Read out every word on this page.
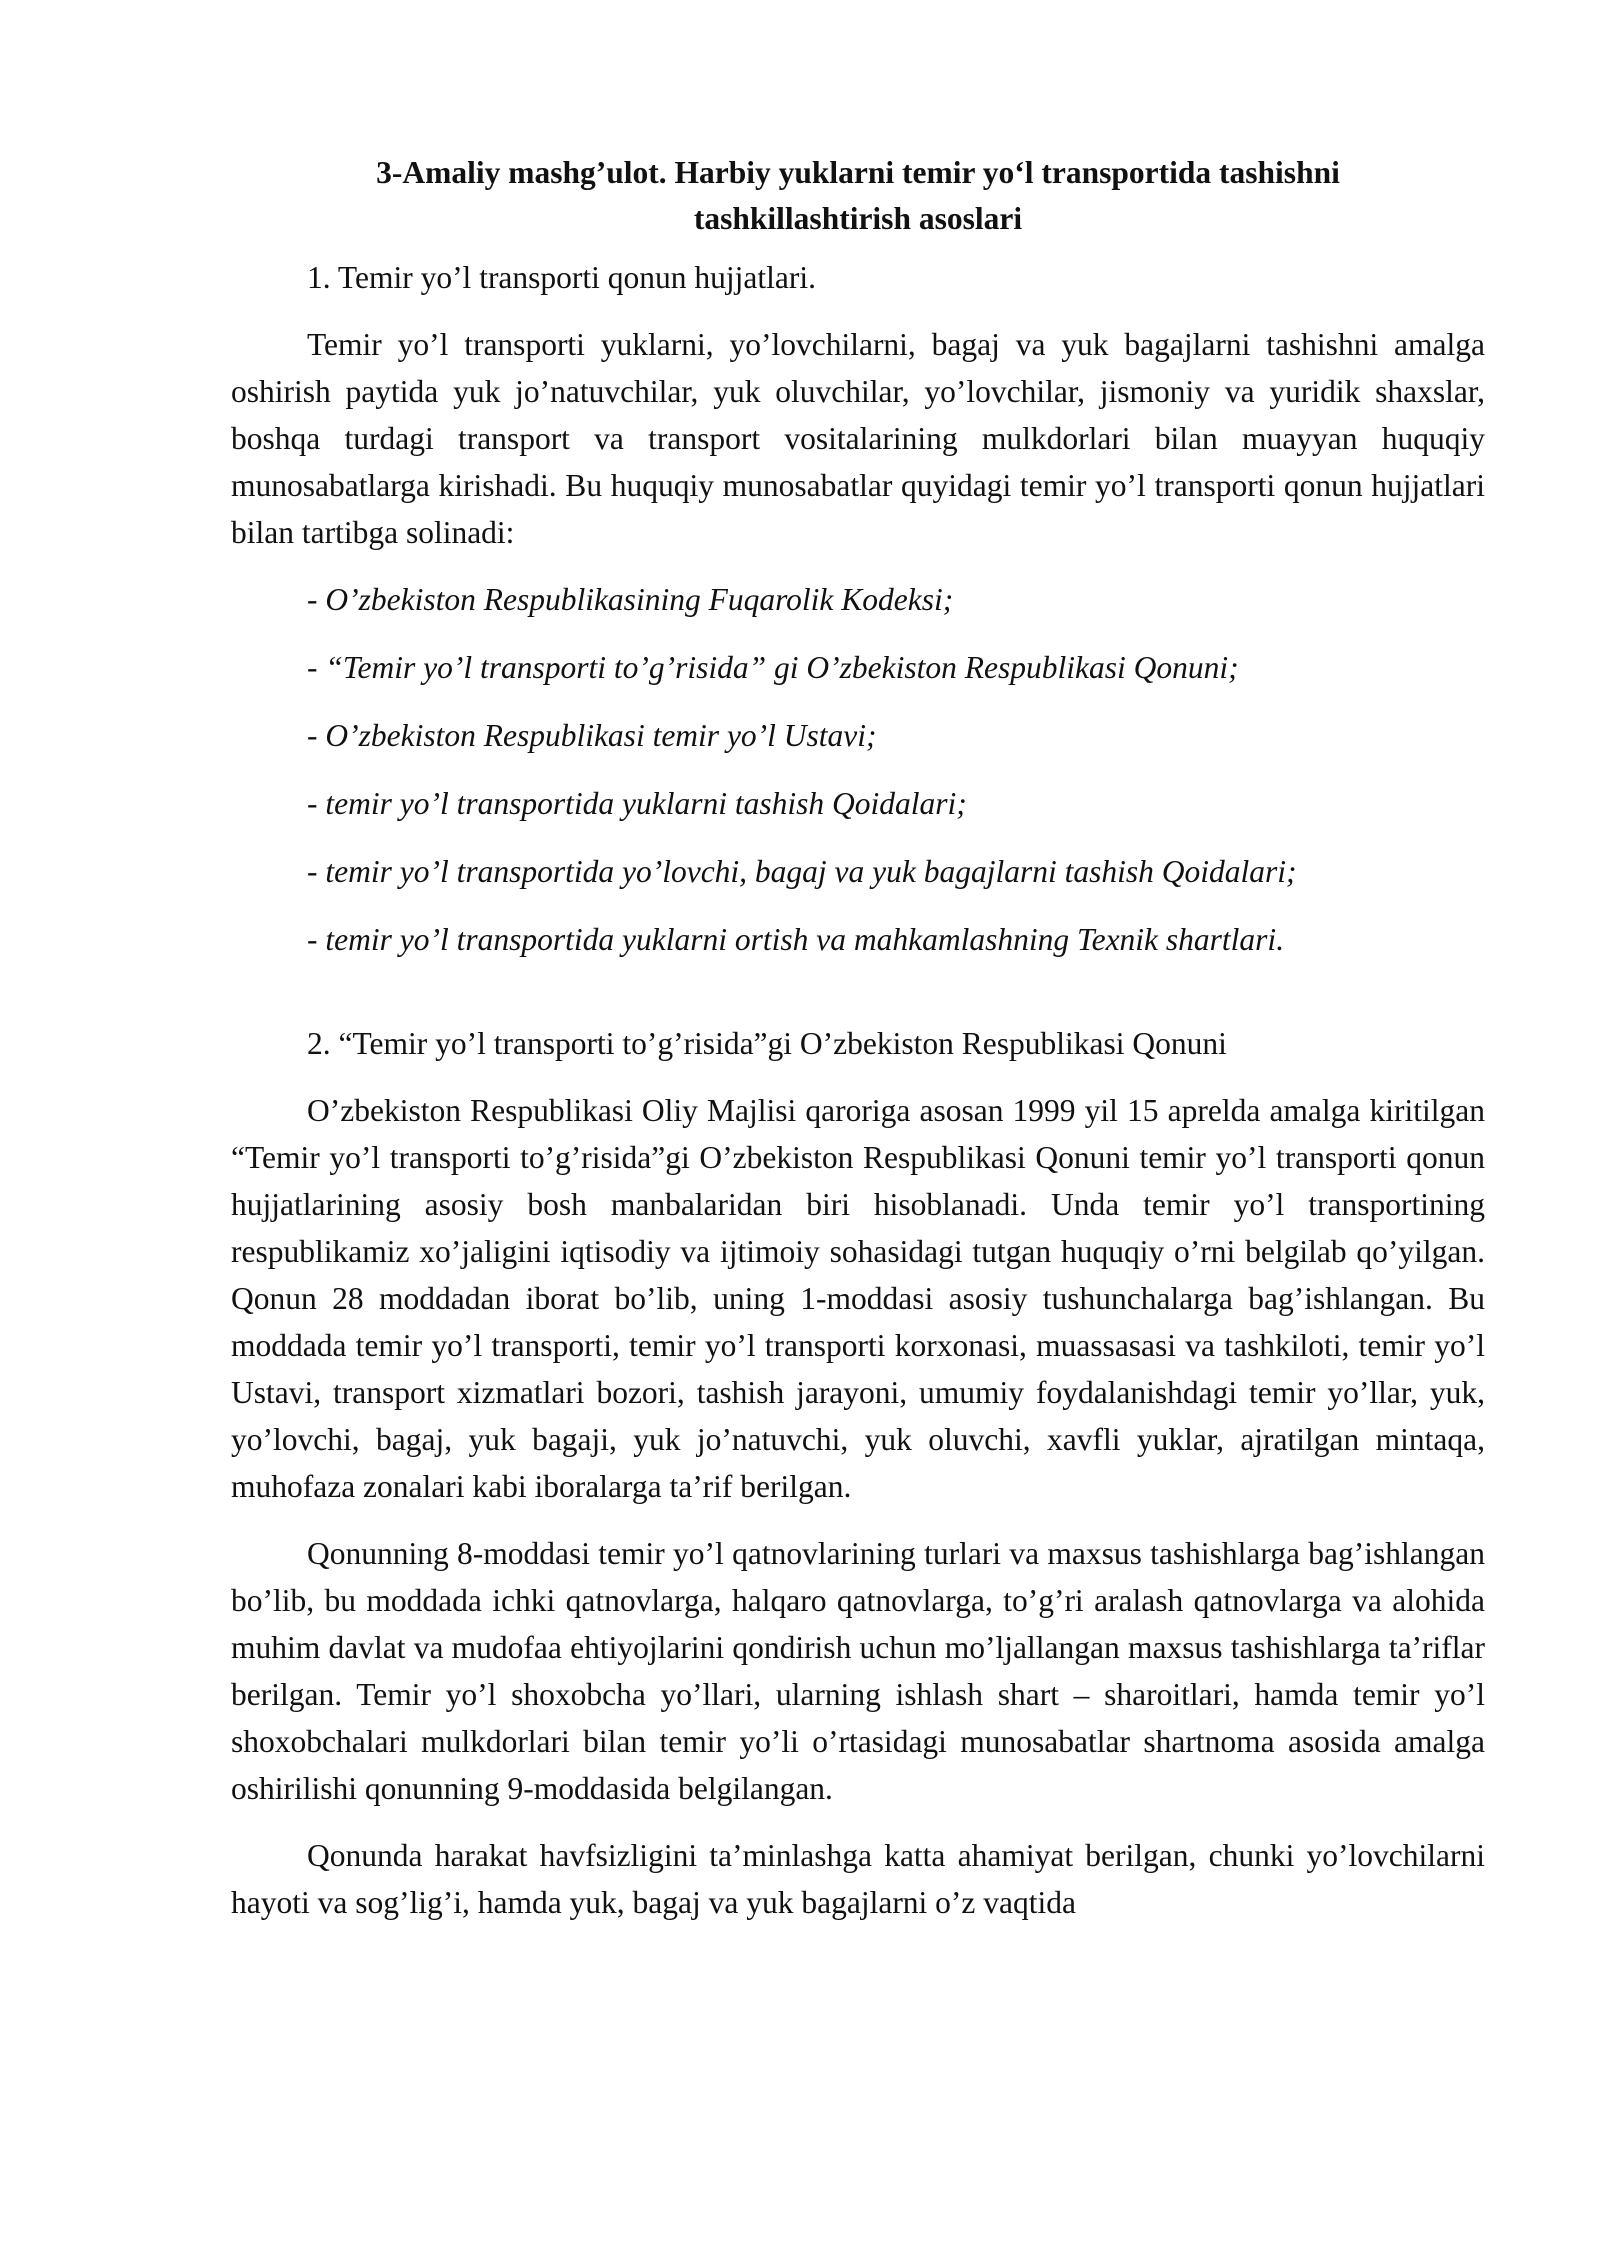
3-Amaliy mashg’ulot. Harbiy yuklarni temir yo‘l transportida tashishni
tashkillashtirish asoslari

1. Temir yo’l transporti qonun hujjatlari.

Temir yo’l transporti yuklarni, yo’lovchilarni, bagaj va yuk bagajlarni tashishni amalga oshirish paytida yuk jo’natuvchilar, yuk oluvchilar, yo’lovchilar, jismoniy va yuridik shaxslar, boshqa turdagi transport va transport vositalarining mulkdorlari bilan muayyan huquqiy munosabatlarga kirishadi. Bu huquqiy munosabatlar quyidagi temir yo’l transporti qonun hujjatlari bilan tartibga solinadi:

- O’zbekiston Respublikasining Fuqarolik Kodeksi;
- “Temir yo’l transporti to’g’risida” gi O’zbekiston Respublikasi Qonuni;
- O’zbekiston Respublikasi temir yo’l Ustavi;
- temir yo’l transportida yuklarni tashish Qoidalari;
- temir yo’l transportida yo’lovchi, bagaj va yuk bagajlarni tashish Qoidalari;
- temir yo’l transportida yuklarni ortish va mahkamlashning Texnik shartlari.

2. “Temir yo’l transporti to’g’risida”gi O’zbekiston Respublikasi Qonuni

O’zbekiston Respublikasi Oliy Majlisi qaroriga asosan 1999 yil 15 aprelda amalga kiritilgan “Temir yo’l transporti to’g’risida”gi O’zbekiston Respublikasi Qonuni temir yo’l transporti qonun hujjatlarining asosiy bosh manbalaridan biri hisoblanadi. Unda temir yo’l transportining respublikamiz xo’jaligini iqtisodiy va ijtimoiy sohasidagi tutgan huquqiy o’rni belgilab qo’yilgan. Qonun 28 moddadan iborat bo’lib, uning 1-moddasi asosiy tushunchalarga bag’ishlangan. Bu moddada temir yo’l transporti, temir yo’l transporti korxonasi, muassasasi va tashkiloti, temir yo’l Ustavi, transport xizmatlari bozori, tashish jarayoni, umumiy foydalanishdagi temir yo’llar, yuk, yo’lovchi, bagaj, yuk bagaji, yuk jo’natuvchi, yuk oluvchi, xavfli yuklar, ajratilgan mintaqa, muhofaza zonalari kabi iboralarga ta’rif berilgan.

Qonunning 8-moddasi temir yo’l qatnovlarining turlari va maxsus tashishlarga bag’ishlangan bo’lib, bu moddada ichki qatnovlarga, halqaro qatnovlarga, to’g’ri aralash qatnovlarga va alohida muhim davlat va mudofaa ehtiyojlarini qondirish uchun mo’ljallangan maxsus tashishlarga ta’riflar berilgan. Temir yo’l shoxobcha yo’llari, ularning ishlash shart – sharoitlari, hamda temir yo’l shoxobchalari mulkdorlari bilan temir yo’li o’rtasidagi munosabatlar shartnoma asosida amalga oshirilishi qonunning 9-moddasida belgilangan.

Qonunda harakat havfsizligini ta’minlashga katta ahamiyat berilgan, chunki yo’lovchilarni hayoti va sog’lig’i, hamda yuk, bagaj va yuk bagajlarni o’z vaqtida
